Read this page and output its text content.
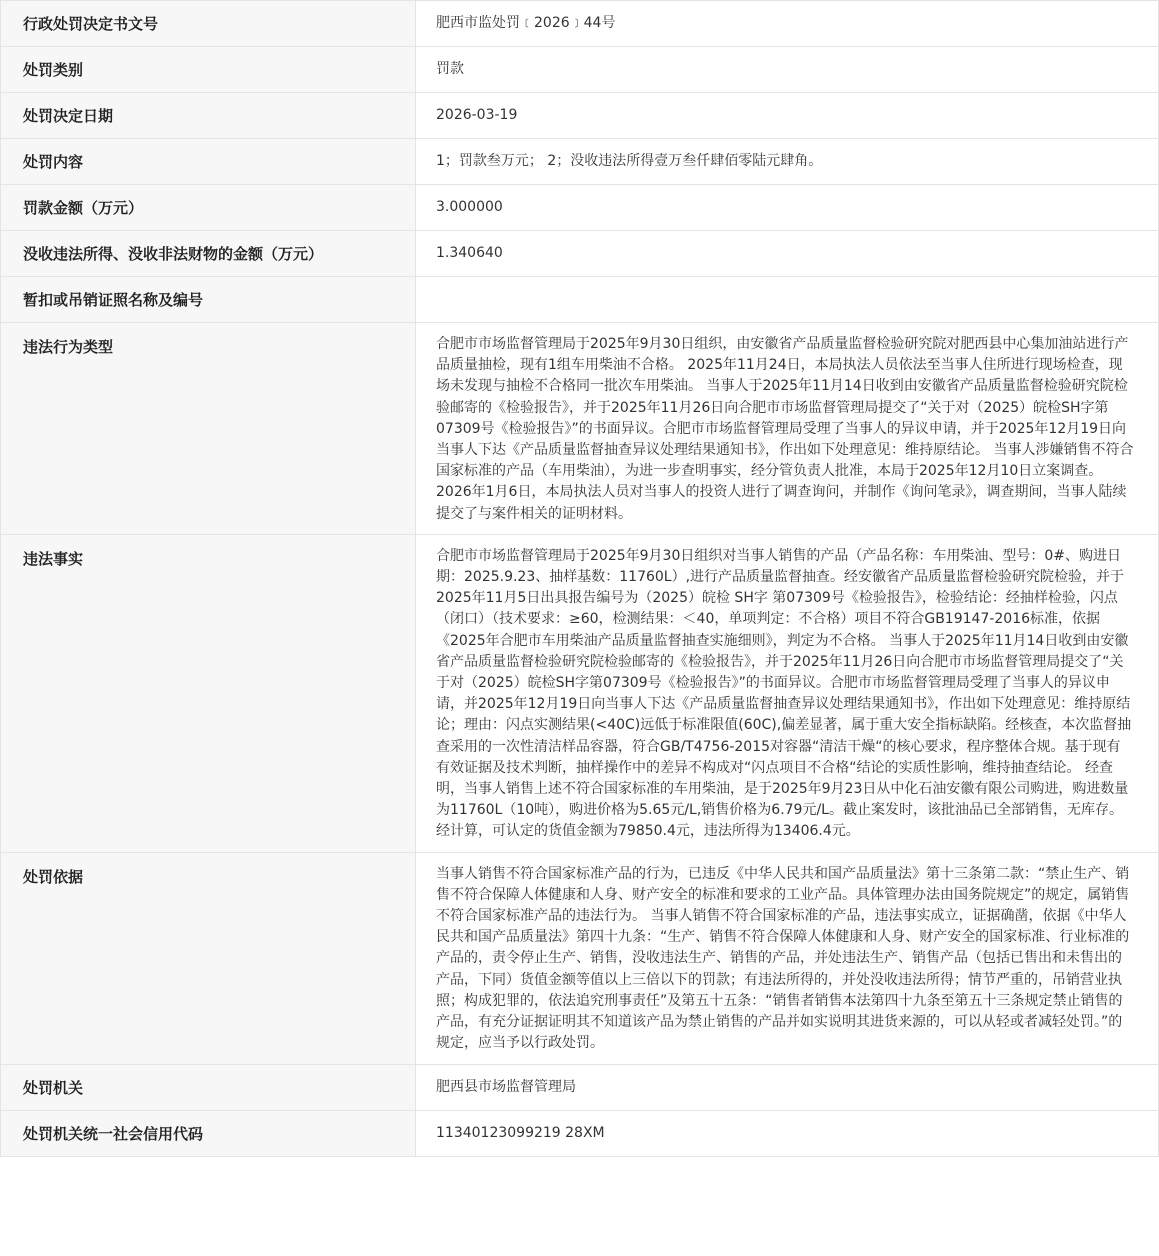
行政处罚决定书文号	肥西市监处罚﹝2026﹞44号
处罚类别	罚款
处罚决定日期	2026-03-19
处罚内容	1；罚款叁万元； 2；没收违法所得壹万叁仟肆佰零陆元肆角。
罚款金额（万元）	3.000000
没收违法所得、没收非法财物的金额（万元）	1.340640
暂扣或吊销证照名称及编号	
违法行为类型	合肥市市场监督管理局于2025年9月30日组织，由安徽省产品质量监督检验研究院对肥西县中心集加油站进行产品质量抽检，现有1组车用柴油不合格。 2025年11月24日，本局执法人员依法至当事人住所进行现场检查，现场未发现与抽检不合格同一批次车用柴油。 当事人于2025年11月14日收到由安徽省产品质量监督检验研究院检验邮寄的《检验报告》，并于2025年11月26日向合肥市市场监督管理局提交了“关于对（2025）皖检SH字第07309号《检验报告》”的书面异议。合肥市市场监督管理局受理了当事人的异议申请，并于2025年12月19日向当事人下达《产品质量监督抽查异议处理结果通知书》，作出如下处理意见：维持原结论。 当事人涉嫌销售不符合国家标准的产品（车用柴油），为进一步查明事实，经分管负责人批准，本局于2025年12月10日立案调查。 2026年1月6日，本局执法人员对当事人的投资人进行了调查询问，并制作《询问笔录》，调查期间，当事人陆续提交了与案件相关的证明材料。
违法事实	合肥市市场监督管理局于2025年9月30日组织对当事人销售的产品（产品名称：车用柴油、型号：0#、购进日期：2025.9.23、抽样基数：11760L）,进行产品质量监督抽查。经安徽省产品质量监督检验研究院检验，并于2025年11月5日出具报告编号为（2025）皖检 SH字 第07309号《检验报告》，检验结论：经抽样检验，闪点（闭口）（技术要求：≥60，检测结果：＜40，单项判定：不合格）项目不符合GB19147-2016标准，依据《2025年合肥市车用柴油产品质量监督抽查实施细则》，判定为不合格。 当事人于2025年11月14日收到由安徽省产品质量监督检验研究院检验邮寄的《检验报告》，并于2025年11月26日向合肥市市场监督管理局提交了“关于对（2025）皖检SH字第07309号《检验报告》”的书面异议。合肥市市场监督管理局受理了当事人的异议申请，并2025年12月19日向当事人下达《产品质量监督抽查异议处理结果通知书》，作出如下处理意见：维持原结论；理由：闪点实测结果(<40C)远低于标准限值(60C),偏差显著，属于重大安全指标缺陷。经核查，本次监督抽查采用的一次性清洁样品容器，符合GB/T4756-2015对容器“清洁干燥“的核心要求，程序整体合规。基于现有有效证据及技术判断，抽样操作中的差异不构成对“闪点项目不合格“结论的实质性影响，维持抽查结论。 经查明，当事人销售上述不符合国家标准的车用柴油，是于2025年9月23日从中化石油安徽有限公司购进，购进数量为11760L（10吨），购进价格为5.65元/L,销售价格为6.79元/L。截止案发时，该批油品已全部销售，无库存。经计算，可认定的货值金额为79850.4元，违法所得为13406.4元。
处罚依据	当事人销售不符合国家标准产品的行为，已违反《中华人民共和国产品质量法》第十三条第二款：“禁止生产、销售不符合保障人体健康和人身、财产安全的标准和要求的工业产品。具体管理办法由国务院规定”的规定，属销售不符合国家标准产品的违法行为。 当事人销售不符合国家标准的产品，违法事实成立，证据确凿，依据《中华人民共和国产品质量法》第四十九条：“生产、销售不符合保障人体健康和人身、财产安全的国家标准、行业标准的产品的，责令停止生产、销售，没收违法生产、销售的产品，并处违法生产、销售产品（包括已售出和未售出的产品，下同）货值金额等值以上三倍以下的罚款；有违法所得的，并处没收违法所得；情节严重的，吊销营业执照；构成犯罪的，依法追究刑事责任”及第五十五条：“销售者销售本法第四十九条至第五十三条规定禁止销售的产品，有充分证据证明其不知道该产品为禁止销售的产品并如实说明其进货来源的，可以从轻或者减轻处罚。”的规定，应当予以行政处罚。
处罚机关	肥西县市场监督管理局
处罚机关统一社会信用代码	11340123099219 28XM
